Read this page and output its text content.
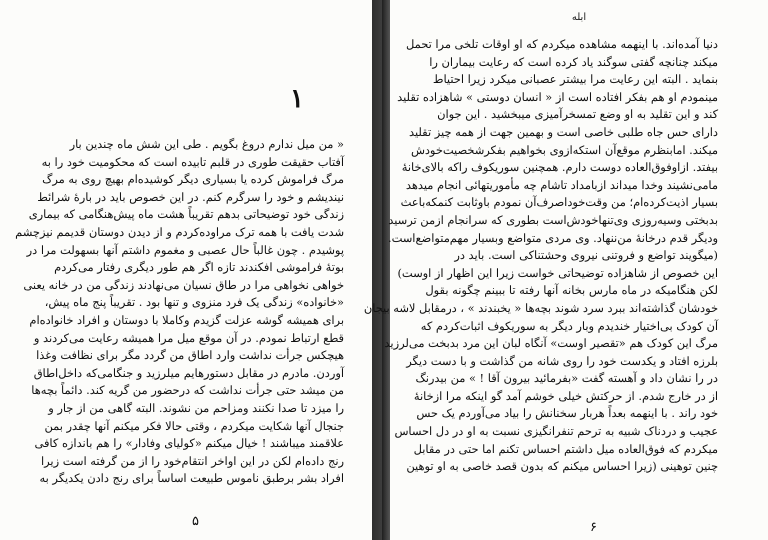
١
« من میل ندارم دروغ بگویم . طی این شش ماه چندین بار
آفتاب حقیقت طوری در قلبم تابیده است که محکومیت خود را به
مرگ فراموش کرده یا بسیاری دیگر کوشیده‌ام بهیچ روی به مرگ
نیندیشم و خود را سرگرم کنم. در این خصوص باید در بارهٔ شرائط
زندگی خود توضیحاتی بدهم تقریباً هشت ماه پیش‌هنگامی که بیماری
شدت یافت با همه ترک مراوده‌کردم و از دیدن دوستان قدیمم نیزچشم
پوشیدم . چون غالباً حال عصبی و مغموم داشتم آنها بسهولت مرا در
بوتهٔ فراموشی افکندند تازه اگر هم طور دیگری رفتار می‌کردم
خواهی نخواهی مرا در طاق نسیان می‌نهادند زندگی من در خانه یعنی
«خانواده» زندگی یک فرد منزوی و تنها بود . تقریباً پنج ماه پیش،
برای همیشه گوشه عزلت گزیدم وکاملا با دوستان و افراد خانواده‌ام
قطع ارتباط نمودم. در آن موقع میل مرا همیشه رعایت می‌کردند و
هیچکس جرأت نداشت وارد اطاق من گردد مگر برای نظافت وغذا
آوردن. مادرم در مقابل دستورهایم میلرزید و جنگامی‌که داخل‌اطاق
من میشد حتی جرأت نداشت که درحضور من گریه کند. دائماً بچه‌ها
را میزد تا صدا نکنند ومزاحم من نشوند. البته گاهی من از جار و
جنجال آنها شکایت میکردم ، وقتی حالا فکر میکنم آنها چقدر بمن
علاقمند میباشند ! خیال میکنم «کولیای وفادار» را هم باندازه کافی
رنج داده‌ام لکن در این اواخر انتقام‌خود را از من گرفته است زیرا
افراد بشر برطبق ناموس طبیعت اساساً برای رنج دادن یکدیگر به
۵
ابله
دنیا آمده‌اند. با اینهمه مشاهده میکردم که او اوقات تلخی مرا تحمل
میکند چنانچه گفتی سوگند یاد کرده است که رعایت بیماران را
بنماید . البته این رعایت مرا بیشتر عصبانی میکرد زیرا احتیاط
مینمودم او هم بفکر افتاده است از « انسان دوستی » شاهزاده تقلید
کند و این تقلید به او وضع تمسخرآمیزی میبخشید . این جوان
دارای حس جاه طلبی خاصی است و بهمین جهت از همه چیز تقلید
میکند. امابنظرم موقع‌آن استکه‌ازوی بخواهیم بفکرشخصیت‌خودش
بیفتد. ازاوفوق‌العاده دوست دارم. همچنین سوریکوف راکه بالای‌خانهٔ
مامی‌نشیند وخدا میداند ازبامداد تاشام چه مأموریتهائی انجام میدهد
بسیار اذیت‌کرده‌ام؛ من وقت‌خوداصرف‌آن نمودم باوثابت کنمکه‌باعث
بدبختی وسیه‌روزی وی‌تنهاخودش‌است بطوری که سرانجام ازمن ترسید
ودیگر قدم درخانهٔ من‌ننهاد. وی مردی متواضع وبسیار مهم‌متواضع‌است.
(میگویند تواضع و فروتنی نیروی وحشتناکی است. باید در
این خصوص از شاهزاده توضیحاتی خواست زیرا این اظهار از اوست)
لکن هنگامیکه در ماه مارس بخانه آنها رفته تا ببینم چگونه بقول
خودشان گذاشته‌اند ببرد سرد شوند بچه‌ها « یخبندند » ، درمقابل لاشه بیجان
آن کودک بی‌اختیار خندیدم وبار دیگر به سوریکوف اثبات‌کردم که
مرگ این کودک هم «تقصیر اوست» آنگاه لبان این مرد بدبخت می‌لرزید
بلرزه افتاد و یکدست خود را روی شانه من گذاشت و با دست دیگر
در را نشان داد و آهسته گفت «بفرمائید بیرون آقا ! » من بیدرنگ
از در خارج شدم. از حرکتش خیلی خوشم آمد گو اینکه مرا ازخانهٔ
خود راند . با اینهمه بعداً هربار سخنانش را بیاد می‌آوردم یک حس
عجیب و دردناک شبیه به ترحم تنفرانگیزی نسبت به او در دل احساس
میکردم که فوق‌العاده میل داشتم احساس تکنم اما حتی در مقابل
چنین توهینی (زیرا احساس میکنم که بدون قصد خاصی به او توهین
۶
